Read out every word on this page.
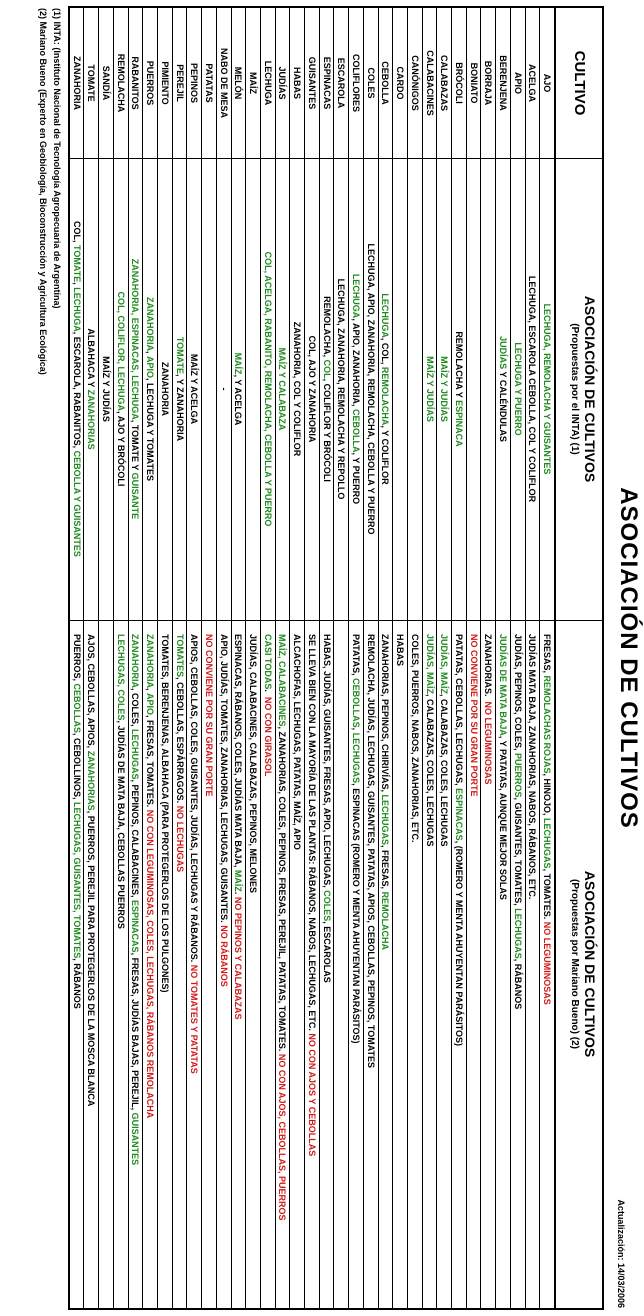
ASOCIACIÓN DE CULTIVOS
Actualización: 14/03/2006
CULTIVO
ASOCIACIÓN DE CULTIVOS
(Propuestas por el INTA) (1)
ASOCIACIÓN DE CULTIVOS
(Propuestas por Mariano Bueno) (2)
AJO
LECHUGA, REMOLACHA Y GUISANTES
FRESAS,
REMOLACHAS ROJAS
, HINOJO,
LECHUGAS
, TOMATES.
NO LEGUMINOSAS
ACELGA
LECHUGA, ESCAROLA CEBOLLA, COL Y COLIFLOR
JUDÍAS MATA BAJA, ZANAHORIAS, NABOS, RÁBANOS, ETC.
APIO
LECHUGA Y PUERRO
JUDÍAS, PEPINOS, COLES,
PUERROS
, GUISANTES, TOMATES,
LECHUGAS
, RÁBANOS
BERENJENA
JUDÍAS
Y CALÉNDULAS
JUDÍAS DE MATA BAJA
, Y PATATAS, AUNQUE MEJOR SOLAS
BORRAJA
ZANAHORIAS.
NO LEGUMINOSAS
BONIATO
NO CONVIENE POR SU GRAN PORTE
BRÓCOLI
REMOLACHA Y
ESPINACA
PATATAS, CEBOLLAS, LECHUGAS,
ESPINACAS
, (ROMERO Y MENTA AHUYENTAN PARÁSITOS)
CALABAZAS
MAÍZ Y JUDÍAS
JUDÍAS, MAÍZ
, CALABAZAS, COLES, LECHUGAS
CALABACINES
MAÍZ Y JUDÍAS
JUDÍAS, MAÍZ
, CALABAZAS, COLES, LECHUGAS
CANÓNIGOS
COLES, PUERROS, NABOS, ZANAHORIAS, ETC.
CARDO
HABAS
CEBOLLA
LECHUGA
, COL,
REMOLACHA
, Y COLIFLOR
ZANAHORIAS, PEPINOS, CHIRIVÍAS,
LECHUGAS
, FRESAS,
REMOLACHA
COLES
LECHUGA, APIO, ZANAHORIA, REMOLACHA, CEBOLLA Y PUERRO
REMOLACHA, JUDÍAS, LECHUGAS, GUISANTES, PATATAS, APIOS, CEBOLLAS, PEPINOS, TOMATES
COLIFLORES
LECHUGA
, APIO, ZANAHORIA,
CEBOLLA
, Y PUERRO
PATATAS,
CEBOLLAS
,
LECHUGAS
, ESPINACAS (ROMERO Y MENTA AHUYENTAN PARÁSITOS)
ESCAROLA
LECHUGA, ZANAHORIA, REMOLACHA Y REPOLLO
ESPINACAS
REMOLACHA,
COL
, COLIFLOR Y BRÓCOLI
HABAS, JUDÍAS, GUISANTES, FRESAS, APIO, LECHUGAS,
COLES
, ESCAROLAS
GUISANTES
COL, AJO Y ZANAHORIA
SE LLEVA BIEN CON LA MAYORÍA DE LAS PLANTAS: RÁBANOS, NABOS, LECHUGAS, ETC.
NO CON AJOS Y CEBOLLAS
HABAS
ZANAHORIA, COL Y COLIFLOR
ALCACHOFAS, LECHUGAS, PATATAS, MAÍZ, APIO
JUDÍAS
MAÍZ Y CALABAZA
MAÍZ, CALABACINES
, ZANAHORIAS, COLES, PEPINOS, FRESAS, PEREJIL, PATATAS, TOMATES.
NO CON AJOS, CEBOLLAS, PUERROS
LECHUGA
COL, ACELGA, RABANITO, REMOLACHA, CEBOLLA Y PUERRO
CASI TODAS
.
NO CON GIRASOL
MAÍZ
JUDÍAS, CALABACINES, CALABAZAS, PEPINOS, MELONES
MELÓN
MAÍZ
, Y ACELGA
ESPINACAS, RÁBANOS, COLES, JUDÍAS MATA BAJA,
MAÍZ
.
NO PEPINOS Y CALABAZAS
NABO DE MESA
-
APIO, JUDÍAS, TOMATES, ZANAHORIAS, LECHUGAS, GUISANTES.
NO RÁBANOS
PATATAS
NO CONVIENE POR SU GRAN PORTE
PEPINOS
MAÍZ Y ACELGA
APIOS, CEBOLLAS, COLES, GUISANTES, JUDÍAS, LECHUGAS Y RÁBANOS.
NO TOMATES Y PATATAS
PEREJIL
TOMATE
, Y ZANAHORIA
TOMATES
, CEBOLLAS, ESPÁRRAGOS.
NO LECHUGAS
PIMIENTO
ZANAHORIA
TOMATES, BERENJENAS, ALBAHACA (PARA PROTEGERLOS DE LOS PULGONES)
PUERROS
ZANAHORIA
,
APIO
, LECHUGA Y TOMATES
ZANAHORIA
,
APIO
, FRESAS, TOMATES.
NO CON LEGUMINOSAS, COLES, LECHUGAS, RÁBANOS REMOLACHA
RABANITOS
ZANAHORIA, ESPINACAS, LECHUGA
, TOMATE Y
GUISANTE
ZANAHORIA
, COLES,
LECHUGAS
, PEPINOS, CALABACINES,
ESPINACAS
, FRESAS, JUDÍAS BAJAS, PEREJIL,
GUISANTES
REMOLACHA
COL, COLIFLOR, LECHUGA
, AJO Y BRÓCOLI
LECHUGAS, COLES
, JUDÍAS DE MATA BAJA, CEBOLLAS PUERROS
SANDÍA
MAÍZ Y JUDÍAS
TOMATE
ALBAHACA Y
ZANAHORIAS
AJOS, CEBOLLAS, APIOS,
ZANAHORIAS
, PUERROS, PEREJIL PARA PROTEGERLOS DE LA MOSCA BLANCA
ZANAHORIA
COL,
TOMATE
,
LECHUGA
, ESCAROLA, RABANITOS,
CEBOLLA Y GUISANTES
PUERROS,
CEBOLLAS
, CEBOLLINOS,
LECHUGAS, GUISANTES, TOMATES
, RÁBANOS
(1) INTA: (Instituto Nacional de Tecnología Agropecuaria de Argentina)
(2) Mariano Bueno (Experto en Geobiología, Bioconstrucción y Agricultura Ecológica)
